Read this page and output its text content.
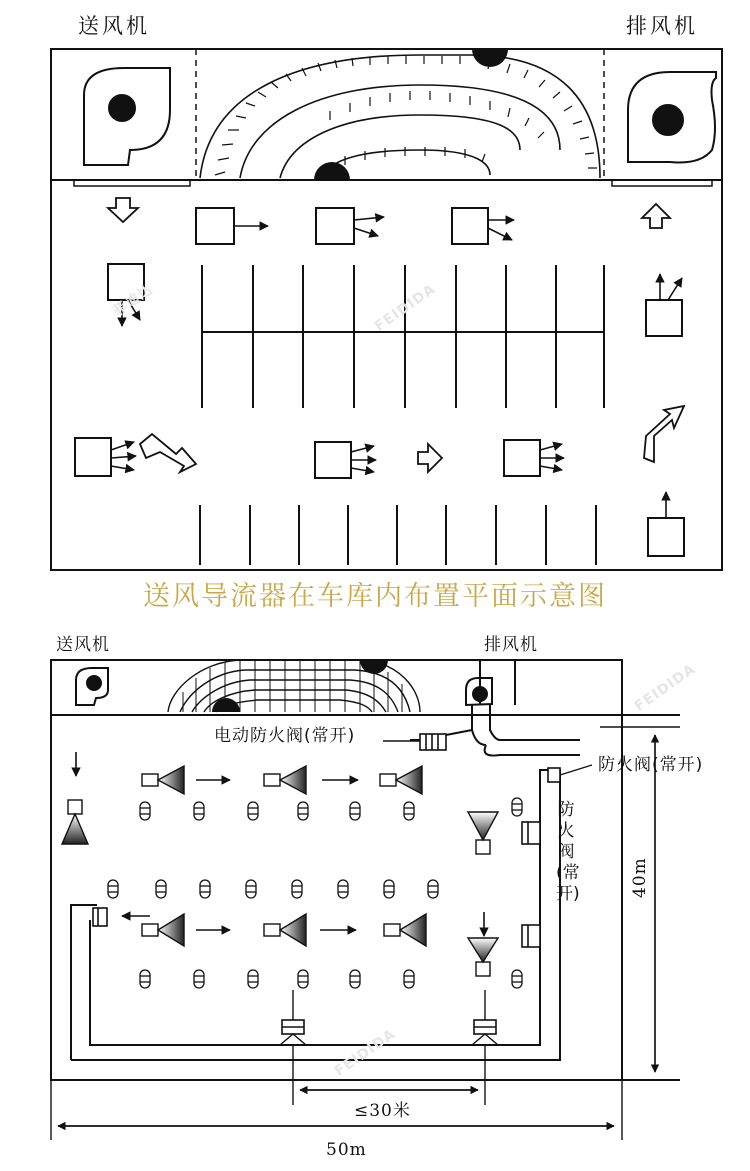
菲迪达	FEIDIDA
FEIDIDA
FEIDIDA
送风机	排风机
送风导流器在车库内布置平面示意图
送风机	排风机
电动防火阀(常开)
防火阀(常开)
防火阀(常开)
≤30米
50m
40m
